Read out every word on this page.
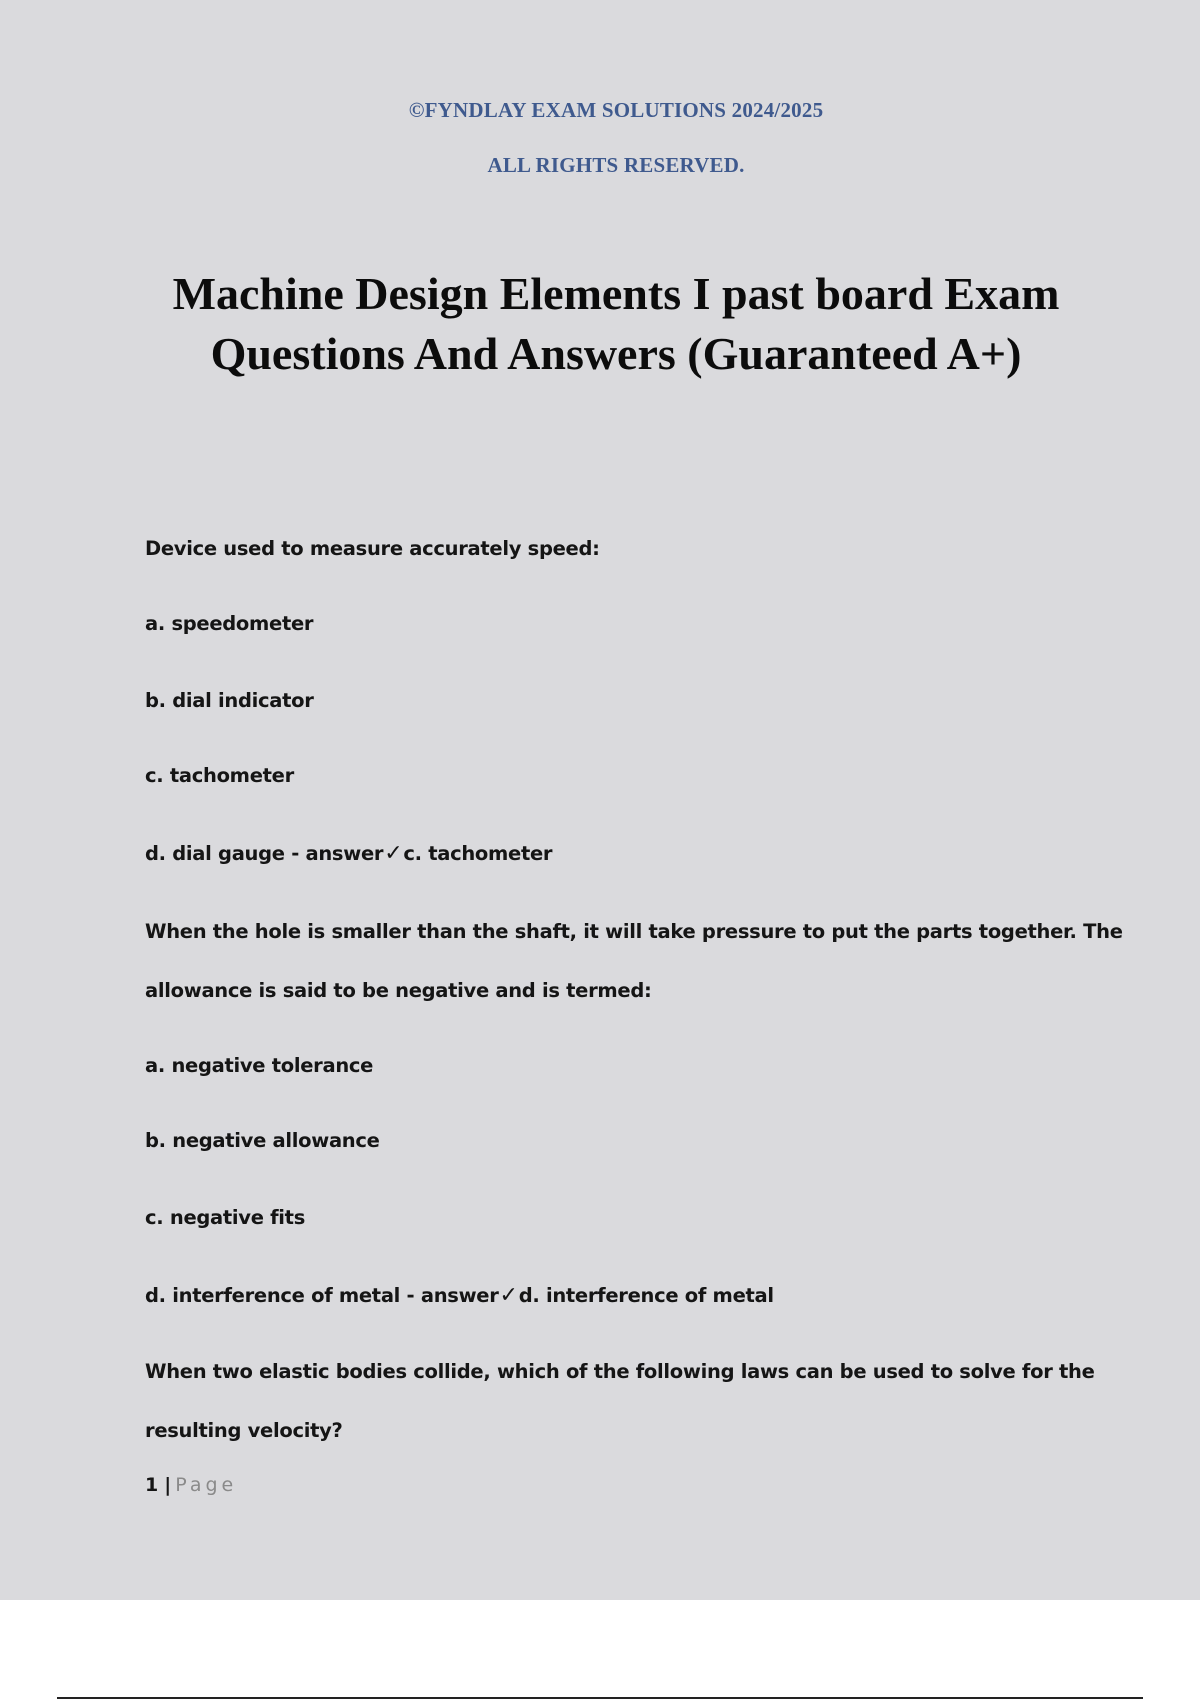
©FYNDLAY EXAM SOLUTIONS 2024/2025
ALL RIGHTS RESERVED.
Machine Design Elements I past board Exam
Questions And Answers (Guaranteed A+)
Device used to measure accurately speed:
a. speedometer
b. dial indicator
c. tachometer
d. dial gauge - answer✓c. tachometer
When the hole is smaller than the shaft, it will take pressure to put the parts together. The
allowance is said to be negative and is termed:
a. negative tolerance
b. negative allowance
c. negative fits
d. interference of metal - answer✓d. interference of metal
When two elastic bodies collide, which of the following laws can be used to solve for the
resulting velocity?
1 | Page
